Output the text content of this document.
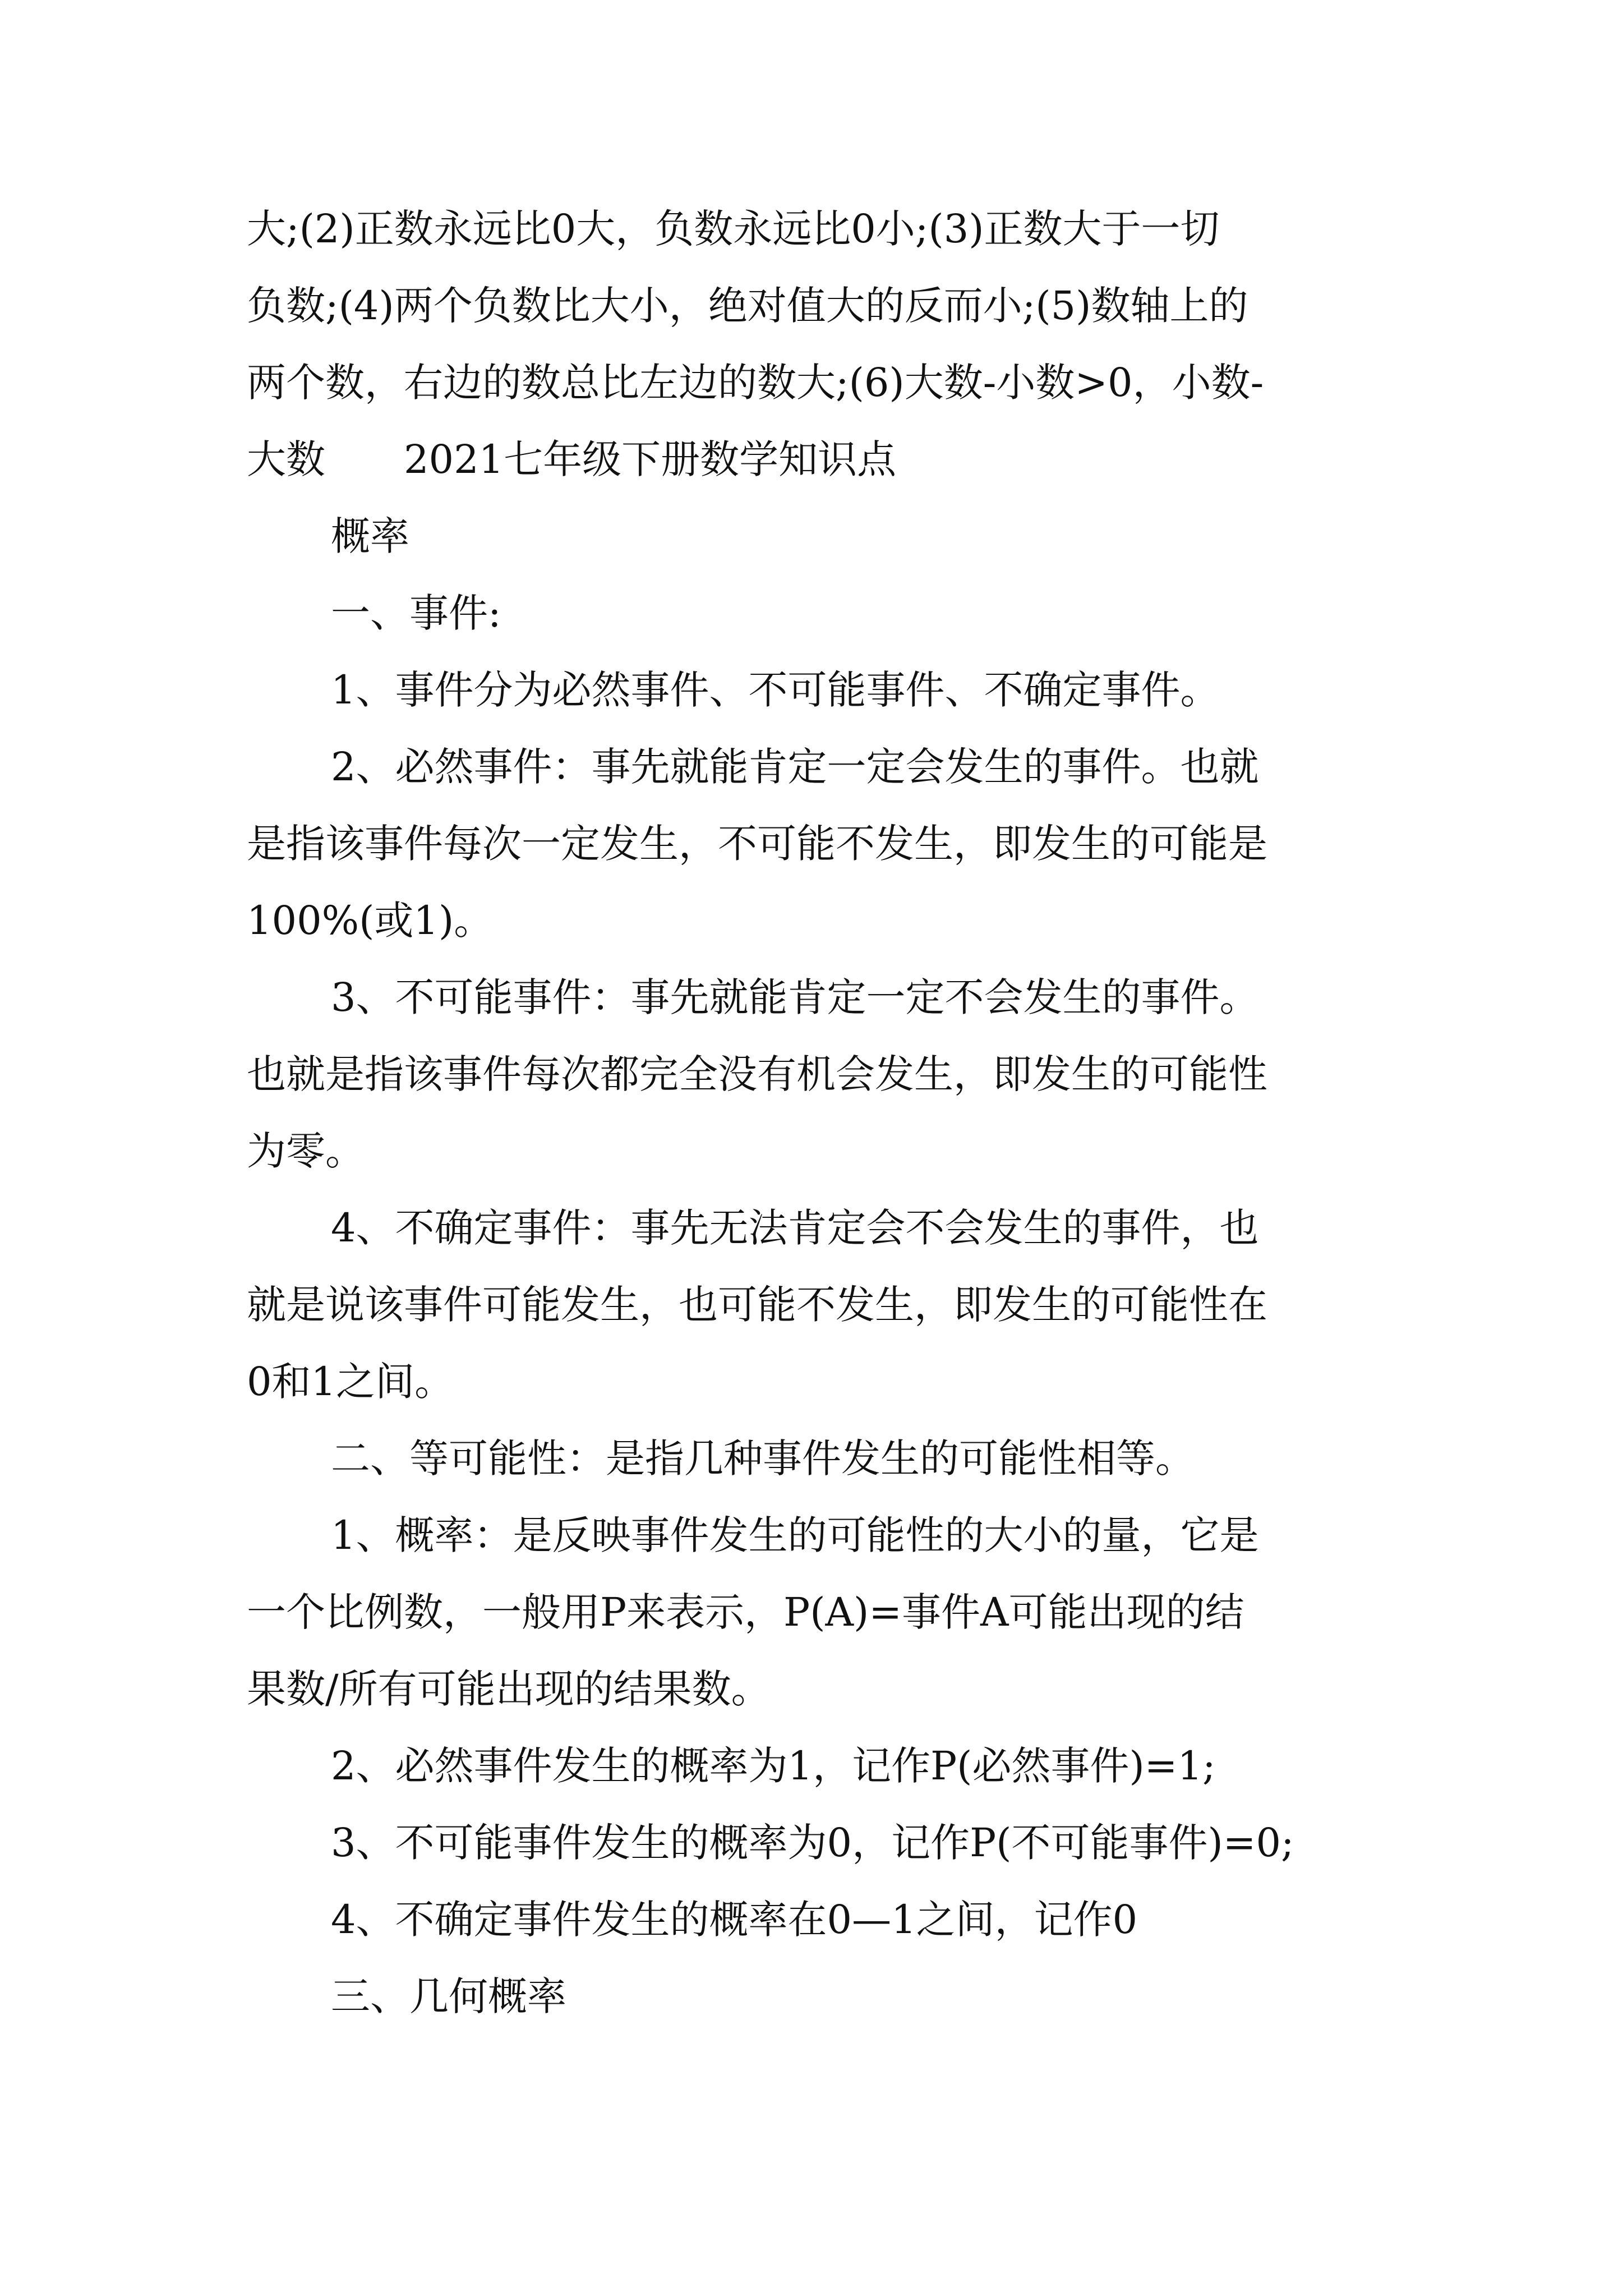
大;(2)正数永远比0大，负数永远比0小;(3)正数大于一切
负数;(4)两个负数比大小，绝对值大的反而小;(5)数轴上的
两个数，右边的数总比左边的数大;(6)大数-小数>0，小数-
大数　　2021七年级下册数学知识点
概率
一、事件:
1、事件分为必然事件、不可能事件、不确定事件。
2、必然事件：事先就能肯定一定会发生的事件。也就
是指该事件每次一定发生，不可能不发生，即发生的可能是
100%(或1)。
3、不可能事件：事先就能肯定一定不会发生的事件。
也就是指该事件每次都完全没有机会发生，即发生的可能性
为零。
4、不确定事件：事先无法肯定会不会发生的事件，也
就是说该事件可能发生，也可能不发生，即发生的可能性在
0和1之间。
二、等可能性：是指几种事件发生的可能性相等。
1、概率：是反映事件发生的可能性的大小的量，它是
一个比例数，一般用P来表示，P(A)=事件A可能出现的结
果数/所有可能出现的结果数。
2、必然事件发生的概率为1，记作P(必然事件)=1;
3、不可能事件发生的概率为0，记作P(不可能事件)=0;
4、不确定事件发生的概率在0—1之间，记作0
三、几何概率
